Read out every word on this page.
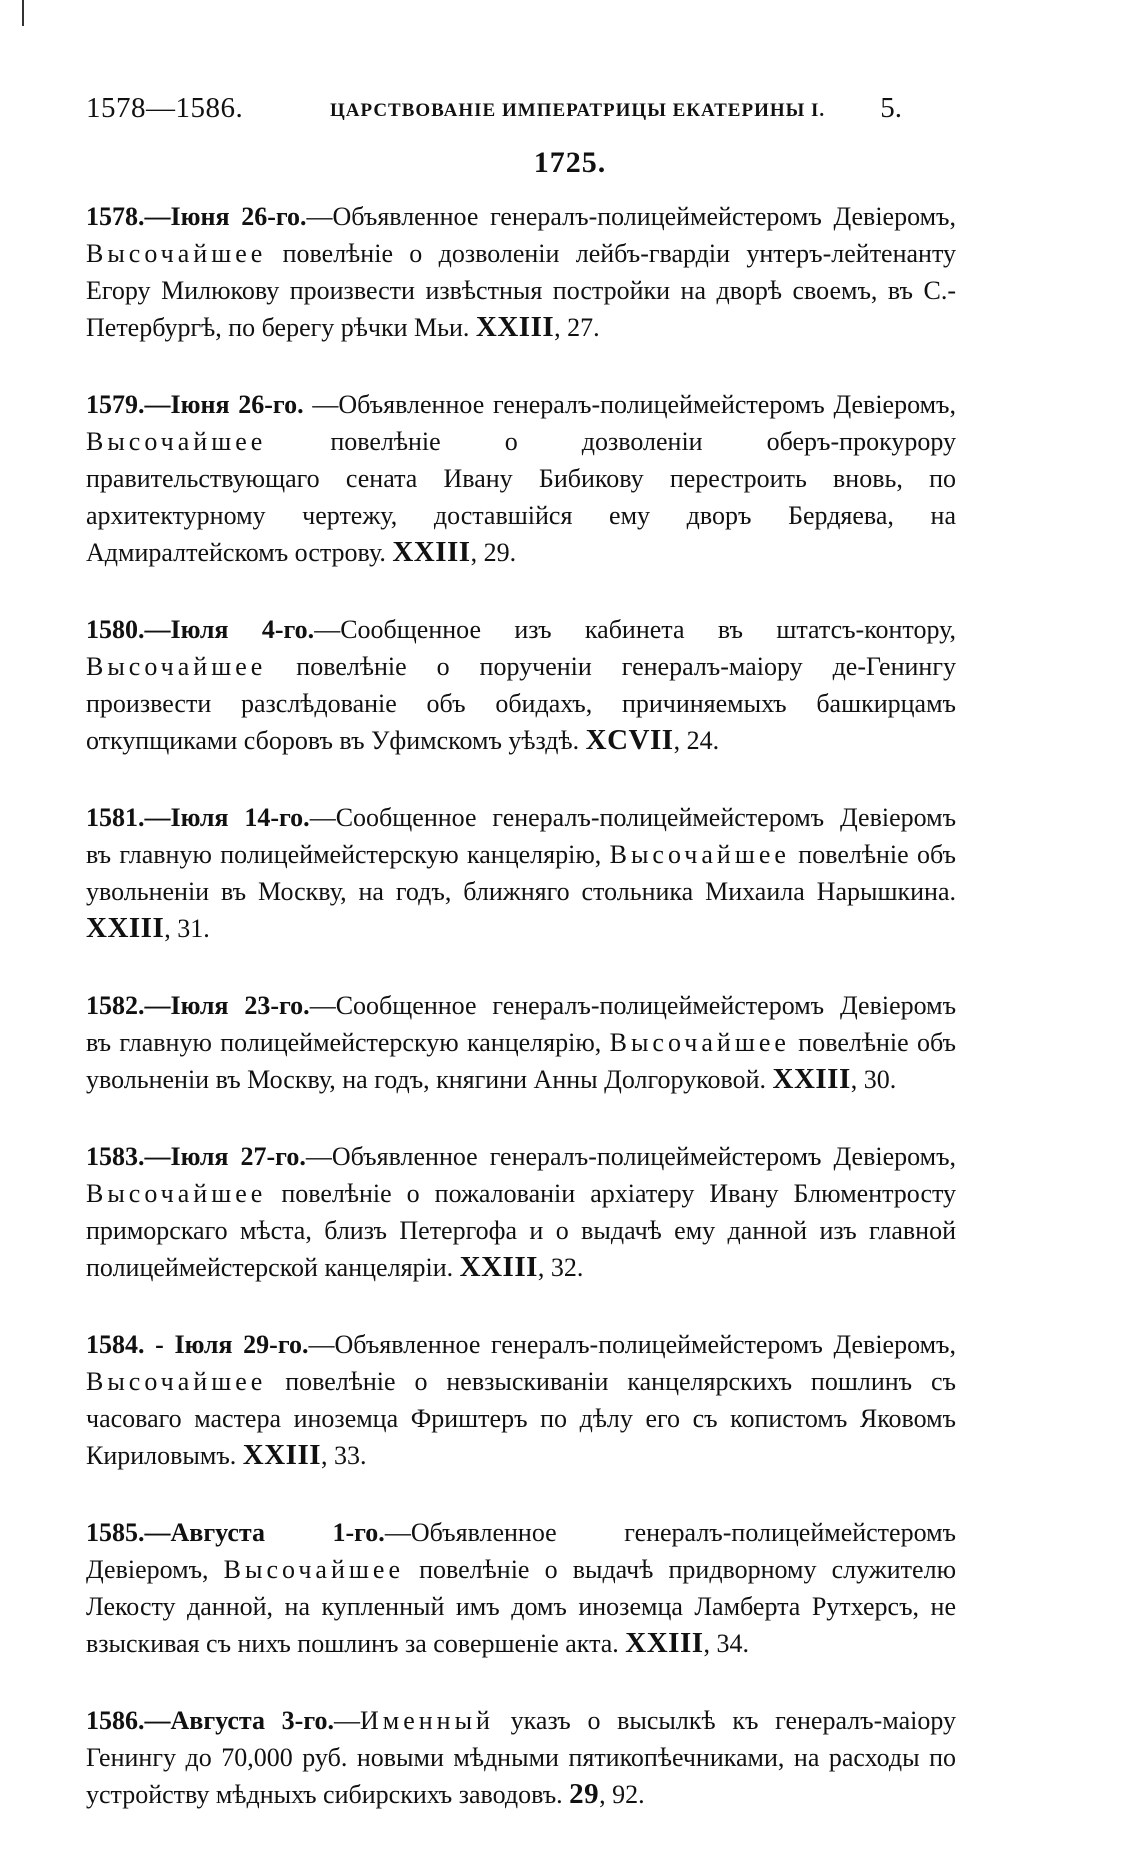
1578—1586.	ЦАРСТВОВАНІЕ ИМПЕРАТРИЦЫ ЕКАТЕРИНЫ I. 5.
1725.

1578.—Іюня 26-го.—Объявленное генералъ-полицеймейстеромъ Девіеромъ, Высочайшее повелѣніе о дозволеніи лейбъ-гвардіи унтеръ-лейтенанту Егору Милюкову произвести извѣстныя постройки на дворѣ своемъ, въ С.-Петербургѣ, по берегу рѣчки Мьи. XXIII, 27.

1579.—Іюня 26-го. —Объявленное генералъ-полицеймейстеромъ Девіеромъ, Высочайшее повелѣніе о дозволеніи оберъ-прокурору правительствующаго сената Ивану Бибикову перестроить вновь, по архитектурному чертежу, доставшійся ему дворъ Бердяева, на Адмиралтейскомъ острову. XXIII, 29.

1580.—Іюля 4-го.—Сообщенное изъ кабинета въ штатсъ-контору, Высочайшее повелѣніе о порученіи генералъ-маіору де-Генингу произвести разслѣдованіе объ обидахъ, причиняемыхъ башкирцамъ откупщиками сборовъ въ Уфимскомъ уѣздѣ. XCVII, 24.

1581.—Іюля 14-го.—Сообщенное генералъ-полицеймейстеромъ Девіеромъ въ главную полицеймейстерскую канцелярію, Высочайшее повелѣніе объ увольненіи въ Москву, на годъ, ближняго стольника Михаила Нарышкина. XXIII, 31.

1582.—Іюля 23-го.—Сообщенное генералъ-полицеймейстеромъ Девіеромъ въ главную полицеймейстерскую канцелярію, Высочайшее повелѣніе объ увольненіи въ Москву, на годъ, княгини Анны Долгоруковой. XXIII, 30.

1583.—Іюля 27-го.—Объявленное генералъ-полицеймейстеромъ Девіеромъ, Высочайшее повелѣніе о пожалованіи архіатеру Ивану Блюментросту приморскаго мѣста, близъ Петергофа и о выдачѣ ему данной изъ главной полицеймейстерской канцеляріи. XXIII, 32.

1584. - Іюля 29-го.—Объявленное генералъ-полицеймейстеромъ Девіеромъ, Высочайшее повелѣніе о невзыскиваніи канцелярскихъ пошлинъ съ часоваго мастера иноземца Фриштеръ по дѣлу его съ копистомъ Яковомъ Кириловымъ. XXIII, 33.

1585.—Августа 1-го.—Объявленное генералъ-полицеймейстеромъ Девіеромъ, Высочайшее повелѣніе о выдачѣ придворному служителю Лекосту данной, на купленный имъ домъ иноземца Ламберта Рутхерсъ, не взыскивая съ нихъ пошлинъ за совершеніе акта. XXIII, 34.

1586.—Августа 3-го.—Именный указъ о высылкѣ къ генералъ-маіору Генингу до 70,000 руб. новыми мѣдными пятикопѣечниками, на расходы по устройству мѣдныхъ сибирскихъ заводовъ. 29, 92.
